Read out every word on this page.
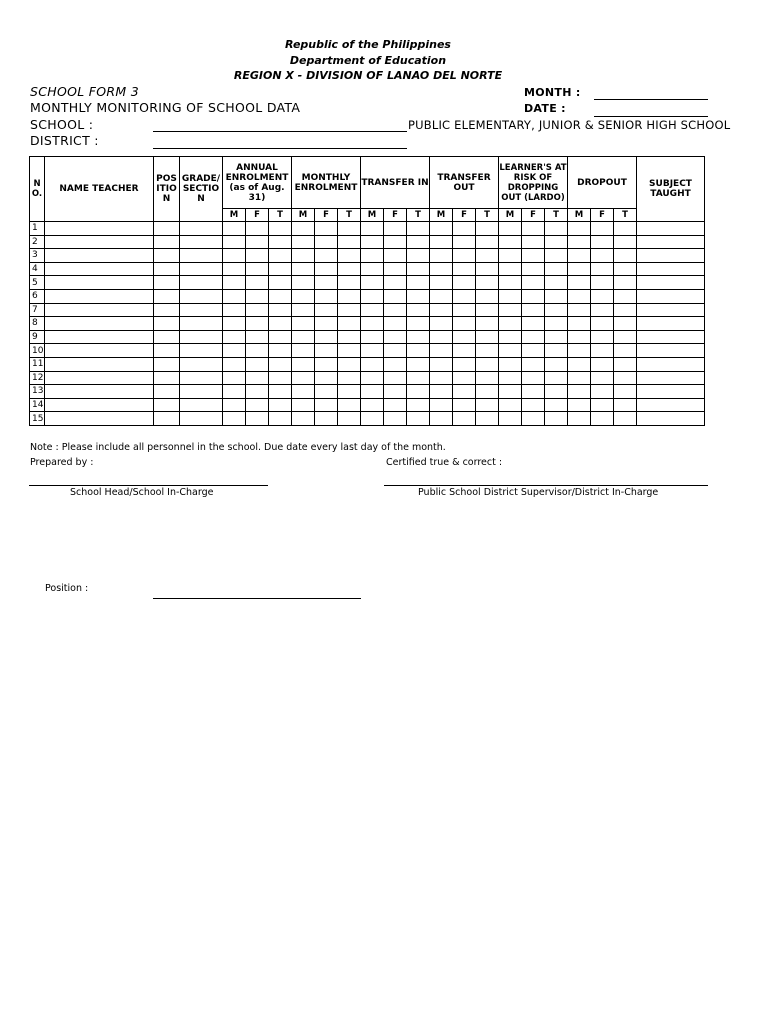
Republic of the Philippines
Department of Education
REGION X - DIVISION OF LANAO DEL NORTE
SCHOOL FORM 3
MONTHLY MONITORING OF SCHOOL DATA
SCHOOL :
DISTRICT :
PUBLIC ELEMENTARY, JUNIOR & SENIOR HIGH SCHOOL
MONTH :
DATE :
N O.	NAME TEACHER	POS ITIO N	GRADE/ SECTIO N	ANNUAL ENROLMENT (as of Aug. 31)			MONTHLY ENROLMENT			TRANSFER IN			TRANSFER OUT			LEARNER'S AT RISK OF DROPPING OUT (LARDO)			DROPOUT			SUBJECT TAUGHT
				M	F	T	M	F	T	M	F	T	M	F	T	M	F	T	M	F	T	
1																						
2																						
3																						
4																						
5																						
6																						
7																						
8																						
9																						
10																						
11																						
12																						
13																						
14																						
15																						
Note : Please include all personnel in the school. Due date every last day of the month.
Prepared by :	Certified true & correct :
School Head/School In-Charge	Public School District Supervisor/District In-Charge
Position :
